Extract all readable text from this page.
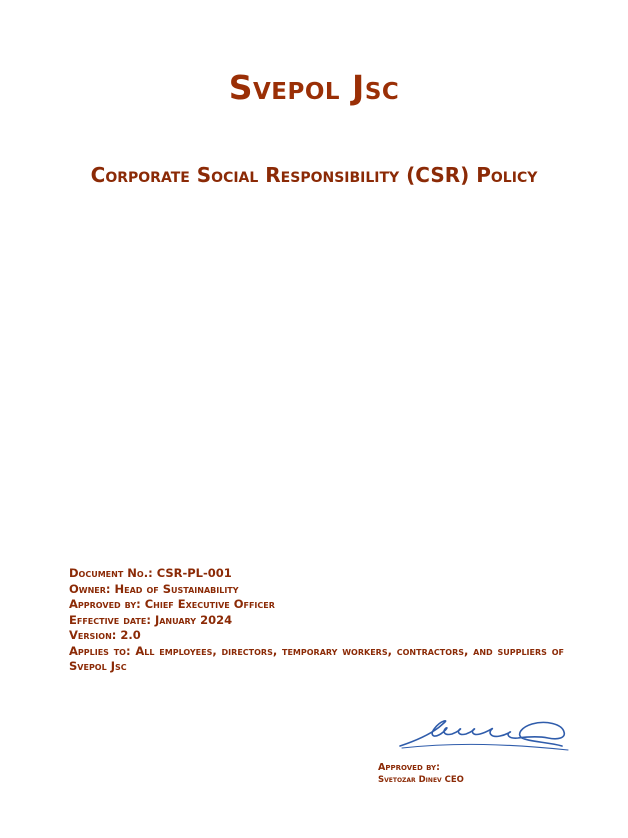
Svepol Jsc
Corporate Social Responsibility (CSR) Policy
Document No.: CSR-PL-001
Owner: Head of Sustainability
Approved by: Chief Executive Officer
Effective date: January 2024
Version: 2.0
Applies to: All employees, directors, temporary workers, contractors, and suppliers of Svepol Jsc
Approved by:
Svetozar Dinev CEO
